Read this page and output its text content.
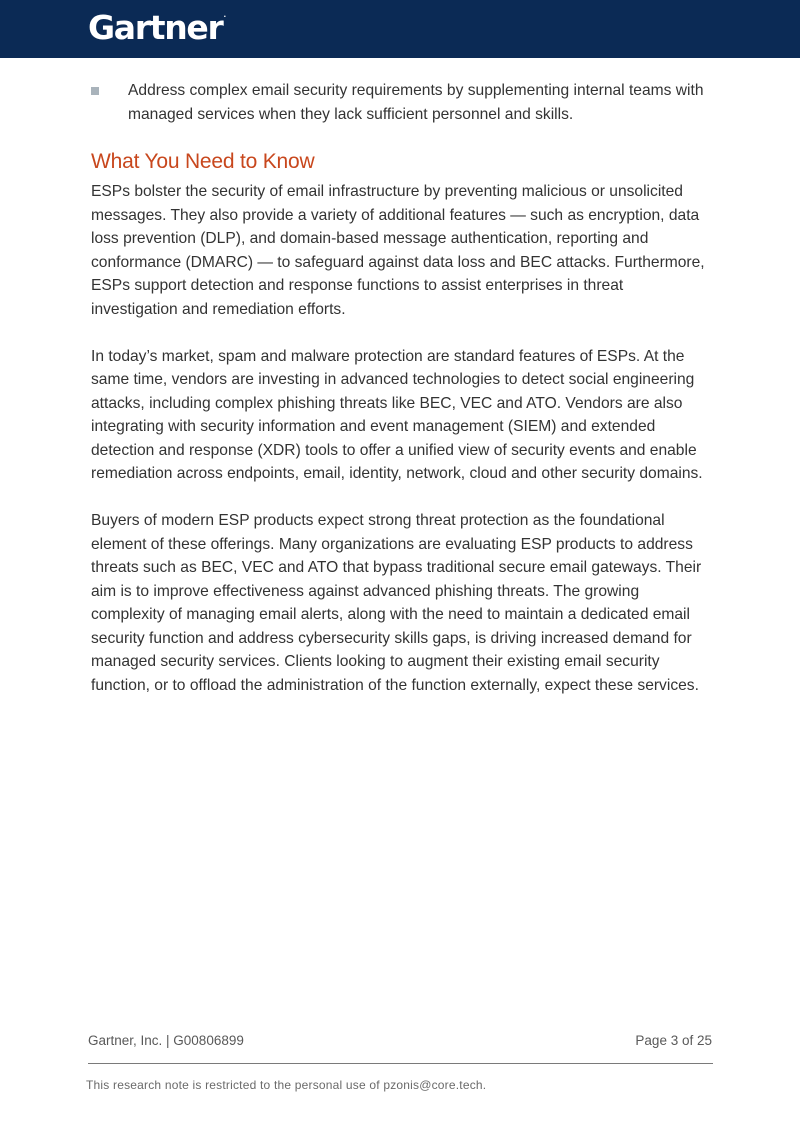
Gartner.

Address complex email security requirements by supplementing internal teams with managed services when they lack sufficient personnel and skills.

What You Need to Know

ESPs bolster the security of email infrastructure by preventing malicious or unsolicited messages. They also provide a variety of additional features — such as encryption, data loss prevention (DLP), and domain-based message authentication, reporting and conformance (DMARC) — to safeguard against data loss and BEC attacks. Furthermore, ESPs support detection and response functions to assist enterprises in threat investigation and remediation efforts.

In today’s market, spam and malware protection are standard features of ESPs. At the same time, vendors are investing in advanced technologies to detect social engineering attacks, including complex phishing threats like BEC, VEC and ATO. Vendors are also integrating with security information and event management (SIEM) and extended detection and response (XDR) tools to offer a unified view of security events and enable remediation across endpoints, email, identity, network, cloud and other security domains.

Buyers of modern ESP products expect strong threat protection as the foundational element of these offerings. Many organizations are evaluating ESP products to address threats such as BEC, VEC and ATO that bypass traditional secure email gateways. Their aim is to improve effectiveness against advanced phishing threats. The growing complexity of managing email alerts, along with the need to maintain a dedicated email security function and address cybersecurity skills gaps, is driving increased demand for managed security services. Clients looking to augment their existing email security function, or to offload the administration of the function externally, expect these services.

Gartner, Inc. | G00806899	Page 3 of 25
This research note is restricted to the personal use of pzonis@core.tech.
